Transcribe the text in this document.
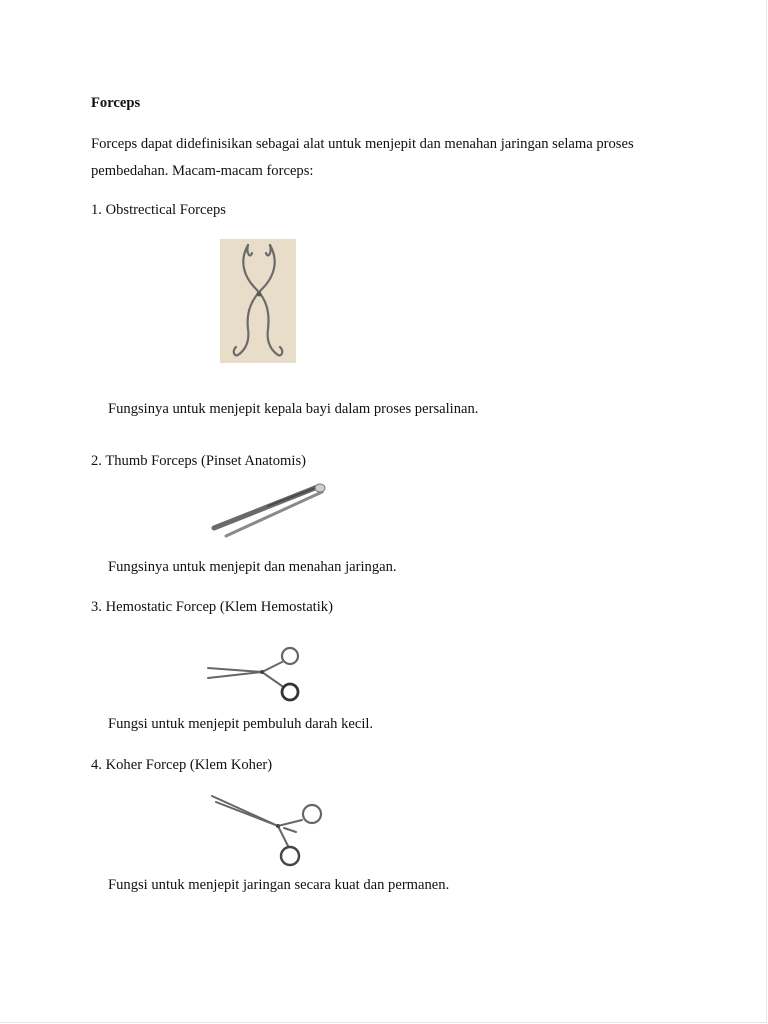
Forceps
Forceps dapat didefinisikan sebagai alat untuk menjepit dan menahan jaringan selama proses
pembedahan. Macam-macam forceps:
1. Obstrectical Forceps
Fungsinya untuk menjepit kepala bayi dalam proses persalinan.
2. Thumb Forceps (Pinset Anatomis)
Fungsinya untuk menjepit dan menahan jaringan.
3. Hemostatic Forcep (Klem Hemostatik)
Fungsi untuk menjepit pembuluh darah kecil.
4. Koher Forcep (Klem Koher)
Fungsi untuk menjepit jaringan secara kuat dan permanen.
